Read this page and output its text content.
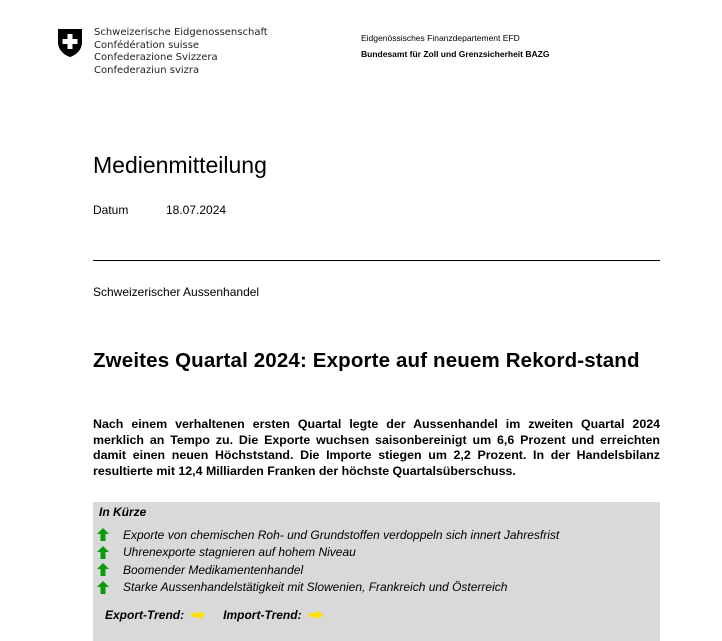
Schweizerische Eidgenossenschaft
Confédération suisse
Confederazione Svizzera
Confederaziun svizra
Eidgenössisches Finanzdepartement EFD
Bundesamt für Zoll und Grenzsicherheit BAZG
Medienmitteilung
Datum	18.07.2024
Schweizerischer Aussenhandel
Zweites Quartal 2024: Exporte auf neuem Rekord-stand

Nach einem verhaltenen ersten Quartal legte der Aussenhandel im zweiten Quartal 2024 merklich an Tempo zu. Die Exporte wuchsen saisonbereinigt um 6,6 Prozent und erreichten damit einen neuen Höchststand. Die Importe stiegen um 2,2 Prozent. In der Handelsbilanz resultierte mit 12,4 Milliarden Franken der höchste Quartalsüberschuss.

In Kürze
Exporte von chemischen Roh- und Grundstoffen verdoppeln sich innert Jahresfrist
Uhrenexporte stagnieren auf hohem Niveau
Boomender Medikamentenhandel
Starke Aussenhandelstätigkeit mit Slowenien, Frankreich und Österreich
Export-Trend:	Import-Trend:
